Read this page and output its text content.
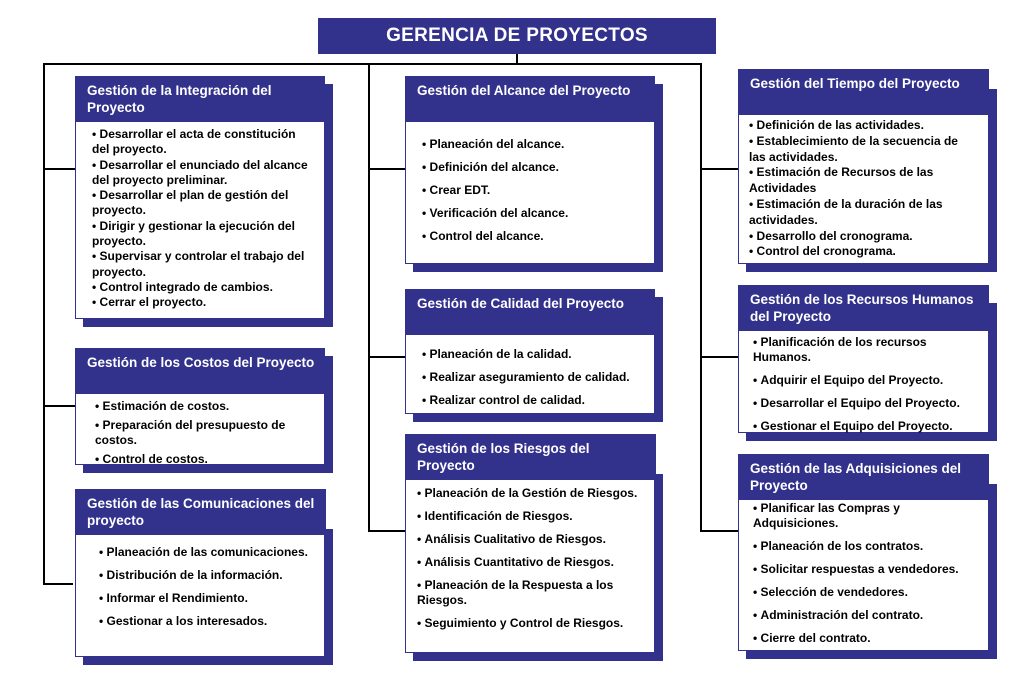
GERENCIA DE PROYECTOS
Gestión de la Integración del Proyecto
• Desarrollar el acta de constitución del proyecto.
• Desarrollar el enunciado del alcance del proyecto preliminar.
• Desarrollar el plan de gestión del proyecto.
• Dirigir y gestionar la ejecución del proyecto.
• Supervisar y controlar el trabajo del proyecto.
• Control integrado de cambios.
• Cerrar el proyecto.
Gestión de los Costos del Proyecto
• Estimación de costos.
• Preparación del presupuesto de costos.
• Control de costos.
Gestión de las Comunicaciones del proyecto
• Planeación de las comunicaciones.
• Distribución de la información.
• Informar el Rendimiento.
• Gestionar a los interesados.
Gestión del Alcance del Proyecto
• Planeación del alcance.
• Definición del alcance.
• Crear EDT.
• Verificación del alcance.
• Control del alcance.
Gestión de Calidad del Proyecto
• Planeación de la calidad.
• Realizar aseguramiento de calidad.
• Realizar control de calidad.
Gestión de los Riesgos del Proyecto
• Planeación de la Gestión de Riesgos.
• Identificación de Riesgos.
• Análisis Cualitativo de Riesgos.
• Análisis Cuantitativo de Riesgos.
• Planeación de la Respuesta a los Riesgos.
• Seguimiento y Control de Riesgos.
Gestión del Tiempo del Proyecto
• Definición de las actividades.
• Establecimiento de la secuencia de las actividades.
• Estimación de Recursos de las Actividades
• Estimación de la duración de las actividades.
• Desarrollo del cronograma.
• Control del cronograma.
Gestión de los Recursos Humanos del Proyecto
• Planificación de los recursos Humanos.
• Adquirir el Equipo del Proyecto.
• Desarrollar el Equipo del Proyecto.
• Gestionar el Equipo del Proyecto.
Gestión de las Adquisiciones del Proyecto
• Planificar las Compras y Adquisiciones.
• Planeación de los contratos.
• Solicitar respuestas a vendedores.
• Selección de vendedores.
• Administración del contrato.
• Cierre del contrato.
